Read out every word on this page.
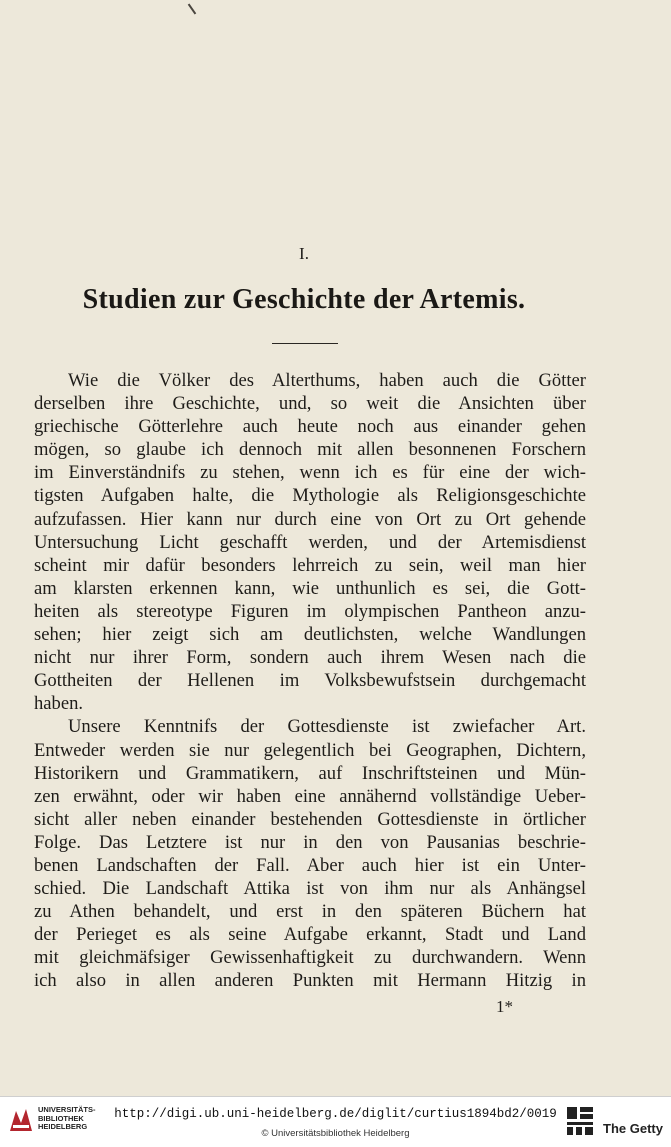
I.
Studien zur Geschichte der Artemis.
Wie die Völker des Alterthums, haben auch die Götter
derselben ihre Geschichte, und, so weit die Ansichten über
griechische Götterlehre auch heute noch aus einander gehen
mögen, so glaube ich dennoch mit allen besonnenen Forschern
im Einverständnifs zu stehen, wenn ich es für eine der wich-
tigsten Aufgaben halte, die Mythologie als Religionsgeschichte
aufzufassen. Hier kann nur durch eine von Ort zu Ort gehende
Untersuchung Licht geschafft werden, und der Artemisdienst
scheint mir dafür besonders lehrreich zu sein, weil man hier
am klarsten erkennen kann, wie unthunlich es sei, die Gott-
heiten als stereotype Figuren im olympischen Pantheon anzu-
sehen; hier zeigt sich am deutlichsten, welche Wandlungen
nicht nur ihrer Form, sondern auch ihrem Wesen nach die
Gottheiten der Hellenen im Volksbewufstsein durchgemacht
haben.
Unsere Kenntnifs der Gottesdienste ist zwiefacher Art.
Entweder werden sie nur gelegentlich bei Geographen, Dichtern,
Historikern und Grammatikern, auf Inschriftsteinen und Mün-
zen erwähnt, oder wir haben eine annähernd vollständige Ueber-
sicht aller neben einander bestehenden Gottesdienste in örtlicher
Folge. Das Letztere ist nur in den von Pausanias beschrie-
benen Landschaften der Fall. Aber auch hier ist ein Unter-
schied. Die Landschaft Attika ist von ihm nur als Anhängsel
zu Athen behandelt, und erst in den späteren Büchern hat
der Perieget es als seine Aufgabe erkannt, Stadt und Land
mit gleichmäfsiger Gewissenhaftigkeit zu durchwandern. Wenn
ich also in allen anderen Punkten mit Hermann Hitzig in
1*
UNIVERSITÄTS-
BIBLIOTHEK
HEIDELBERG
http://digi.ub.uni-heidelberg.de/diglit/curtius1894bd2/0019
© Universitätsbibliothek Heidelberg	The Getty
